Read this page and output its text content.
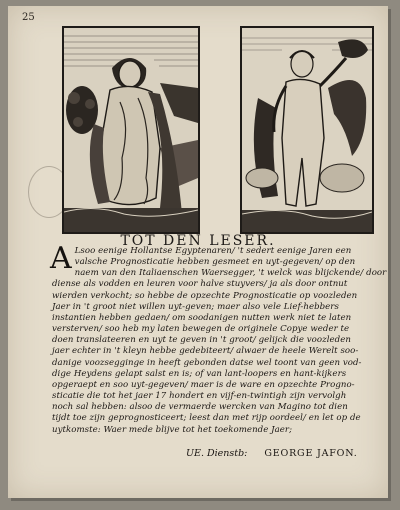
25
TOT DEN LESER.
A Lsoo eenige Hollantse Egyptenaren/ 't sedert eenige Jaren een
valsche Prognosticatie hebben gesmeet en uyt-gegeven/ op den
naem van den Italiaenschen Waersegger, 't welck was blijckende/ door
diense als vodden en leuren voor halve stuyvers/ ja als door ontnut
wierden verkocht; so hebbe de opzechte Prognosticatie op voozleden
Jaer in 't groot niet willen uyt-geven; maer also vele Lief-hebbers
instantien hebben gedaen/ om soodanigen nutten werk niet te laten
versterven/ soo heb my laten bewegen de originele Copye weder te
doen translateeren en uyt te geven in 't groot/ gelijck die voozleden
jaer echter in 't kleyn hebbe gedebiteert/ alwaer de heele Werelt soo-
danige voozsegginge in heeft gebonden datse wel toont van geen vod-
dige Heydens gelapt salst en is; of van lant-loopers en hant-kijkers
opgeraept en soo uyt-gegeven/ maer is de ware en opzechte Progno-
sticatie die tot het jaer 17 hondert en vijf-en-twintigh zijn vervolgh
noch sal hebben: alsoo de vermaerde wercken van Magino tot dien
tijdt toe zijn geprognosticeert; leest dan met rijp oordeel/ en let op de
uytkomste: Waer mede blijve tot het toekomende Jaer;
UE. Dienstb: GEORGE JAFON.
